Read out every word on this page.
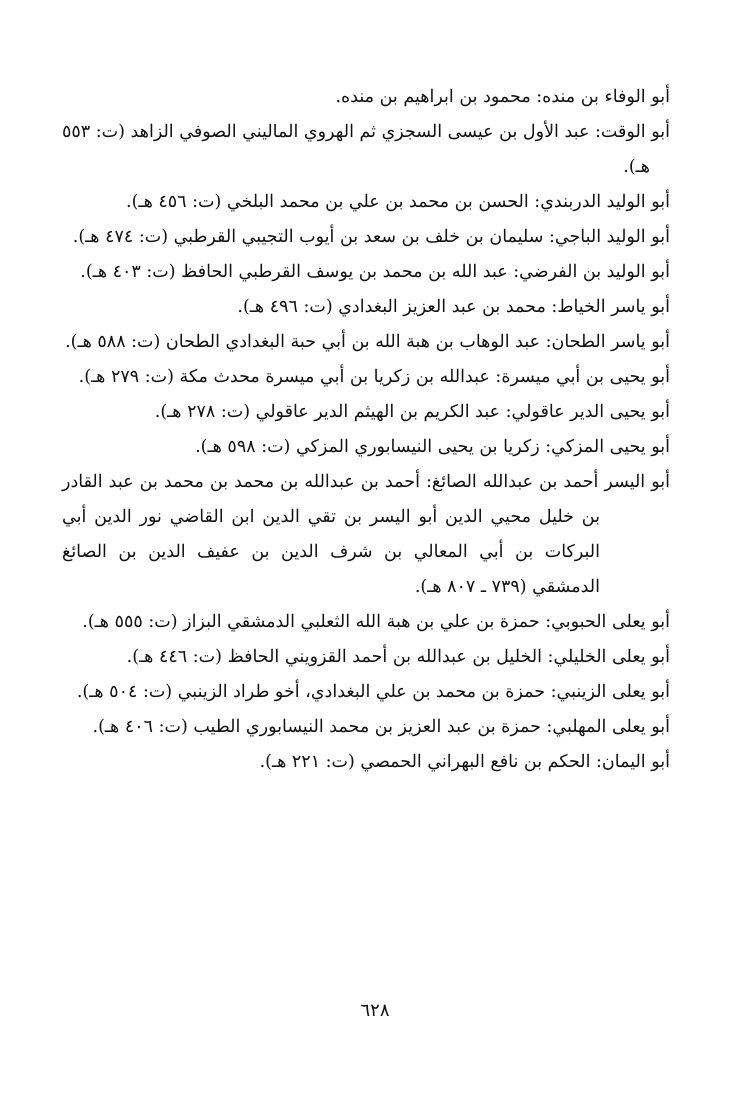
أبو الوفاء بن منده: محمود بن ابراهيم بن منده.
أبو الوقت: عبد الأول بن عيسى السجزي ثم الهروي الماليني الصوفي الزاهد (ت: ٥٥٣ هـ).
أبو الوليد الدربندي: الحسن بن محمد بن علي بن محمد البلخي (ت: ٤٥٦ هـ).
أبو الوليد الباجي: سليمان بن خلف بن سعد بن أيوب التجيبي القرطبي (ت: ٤٧٤ هـ).
أبو الوليد بن الفرضي: عبد الله بن محمد بن يوسف القرطبي الحافظ (ت: ٤٠٣ هـ).
أبو ياسر الخياط: محمد بن عبد العزيز البغدادي (ت: ٤٩٦ هـ).
أبو ياسر الطحان: عبد الوهاب بن هبة الله بن أبي حبة البغدادي الطحان (ت: ٥٨٨ هـ).
أبو يحيى بن أبي ميسرة: عبدالله بن زكريا بن أبي ميسرة محدث مكة (ت: ٢٧٩ هـ).
أبو يحيى الدير عاقولي: عبد الكريم بن الهيثم الدير عاقولي (ت: ٢٧٨ هـ).
أبو يحيى المزكي: زكريا بن يحيى النيسابوري المزكي (ت: ٥٩٨ هـ).
أبو اليسر أحمد بن عبدالله الصائغ: أحمد بن عبدالله بن محمد بن محمد بن عبد القادر بن خليل محيي الدين أبو اليسر بن تقي الدين ابن القاضي نور الدين أبي البركات بن أبي المعالي بن شرف الدين بن عفيف الدين بن الصائغ الدمشقي (٧٣٩ ـ ٨٠٧ هـ).
أبو يعلى الحبوبي: حمزة بن علي بن هبة الله الثعلبي الدمشقي البزاز (ت: ٥٥٥ هـ).
أبو يعلى الخليلي: الخليل بن عبدالله بن أحمد القزويني الحافظ (ت: ٤٤٦ هـ).
أبو يعلى الزينبي: حمزة بن محمد بن علي البغدادي، أخو طراد الزينبي (ت: ٥٠٤ هـ).
أبو يعلى المهلبي: حمزة بن عبد العزيز بن محمد النيسابوري الطيب (ت: ٤٠٦ هـ).
أبو اليمان: الحكم بن نافع البهراني الحمصي (ت: ٢٢١ هـ).
٦٢٨
